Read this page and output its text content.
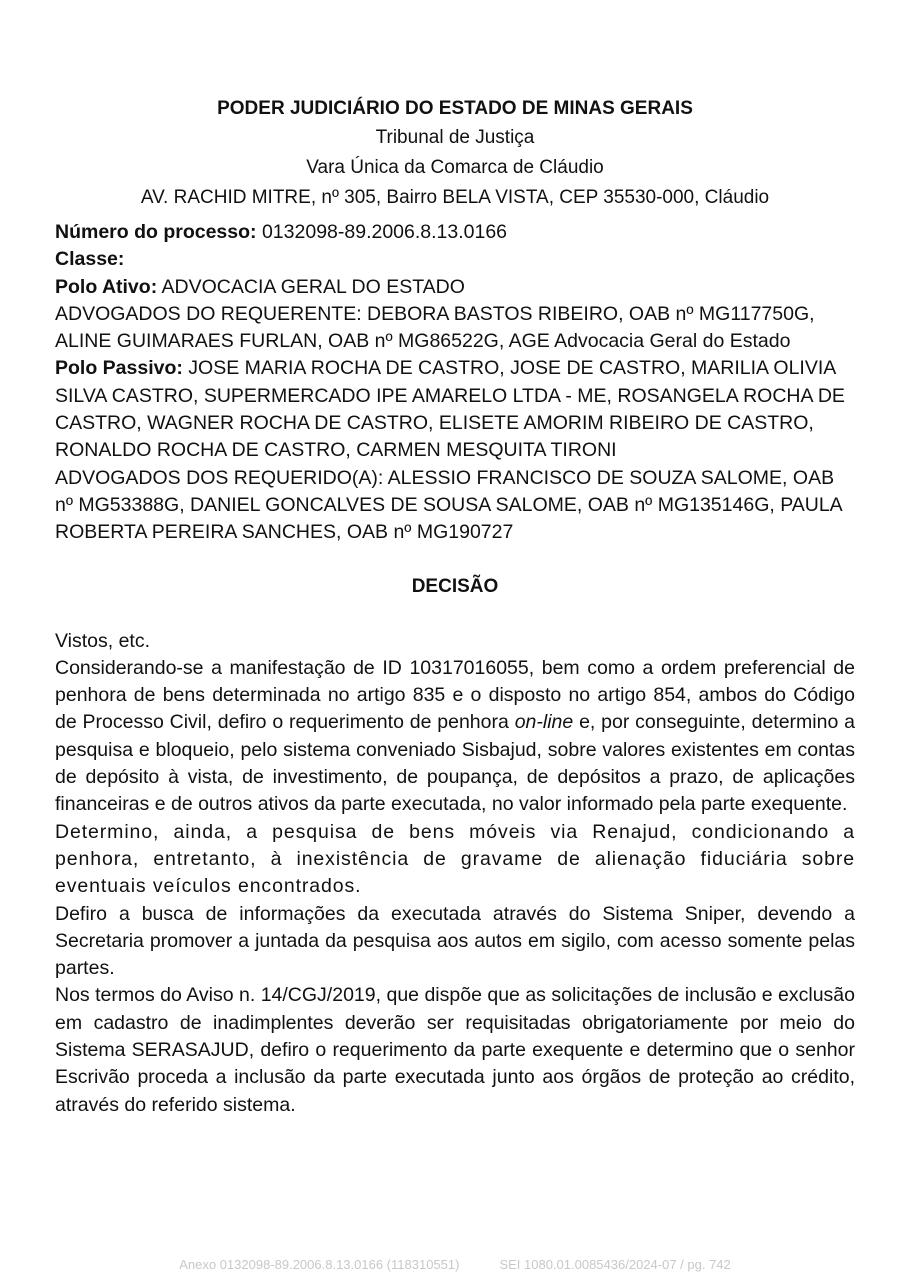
PODER JUDICIÁRIO DO ESTADO DE MINAS GERAIS
Tribunal de Justiça
Vara Única da Comarca de Cláudio
AV. RACHID MITRE, nº 305, Bairro BELA VISTA, CEP 35530-000, Cláudio

Número do processo: 0132098-89.2006.8.13.0166

Classe:

Polo Ativo: ADVOCACIA GERAL DO ESTADO

ADVOGADOS DO REQUERENTE: DEBORA BASTOS RIBEIRO, OAB nº MG117750G, ALINE GUIMARAES FURLAN, OAB nº MG86522G, AGE Advocacia Geral do Estado

Polo Passivo: JOSE MARIA ROCHA DE CASTRO, JOSE DE CASTRO, MARILIA OLIVIA SILVA CASTRO, SUPERMERCADO IPE AMARELO LTDA - ME, ROSANGELA ROCHA DE CASTRO, WAGNER ROCHA DE CASTRO, ELISETE AMORIM RIBEIRO DE CASTRO, RONALDO ROCHA DE CASTRO, CARMEN MESQUITA TIRONI

ADVOGADOS DOS REQUERIDO(A): ALESSIO FRANCISCO DE SOUZA SALOME, OAB nº MG53388G, DANIEL GONCALVES DE SOUSA SALOME, OAB nº MG135146G, PAULA ROBERTA PEREIRA SANCHES, OAB nº MG190727

DECISÃO

Vistos, etc.

Considerando-se a manifestação de ID 10317016055, bem como a ordem preferencial de penhora de bens determinada no artigo 835 e o disposto no artigo 854, ambos do Código de Processo Civil, defiro o requerimento de penhora on-line e, por conseguinte, determino a pesquisa e bloqueio, pelo sistema conveniado Sisbajud, sobre valores existentes em contas de depósito à vista, de investimento, de poupança, de depósitos a prazo, de aplicações financeiras e de outros ativos da parte executada, no valor informado pela parte exequente.

Determino, ainda, a pesquisa de bens móveis via Renajud, condicionando a penhora, entretanto, à inexistência de gravame de alienação fiduciária sobre eventuais veículos encontrados.

Defiro a busca de informações da executada através do Sistema Sniper, devendo a Secretaria promover a juntada da pesquisa aos autos em sigilo, com acesso somente pelas partes.

Nos termos do Aviso n. 14/CGJ/2019, que dispõe que as solicitações de inclusão e exclusão em cadastro de inadimplentes deverão ser requisitadas obrigatoriamente por meio do Sistema SERASAJUD, defiro o requerimento da parte exequente e determino que o senhor Escrivão proceda a inclusão da parte executada junto aos órgãos de proteção ao crédito, através do referido sistema.

Anexo 0132098-89.2006.8.13.0166 (118310551)	SEI 1080.01.0085436/2024-07 / pg. 742
